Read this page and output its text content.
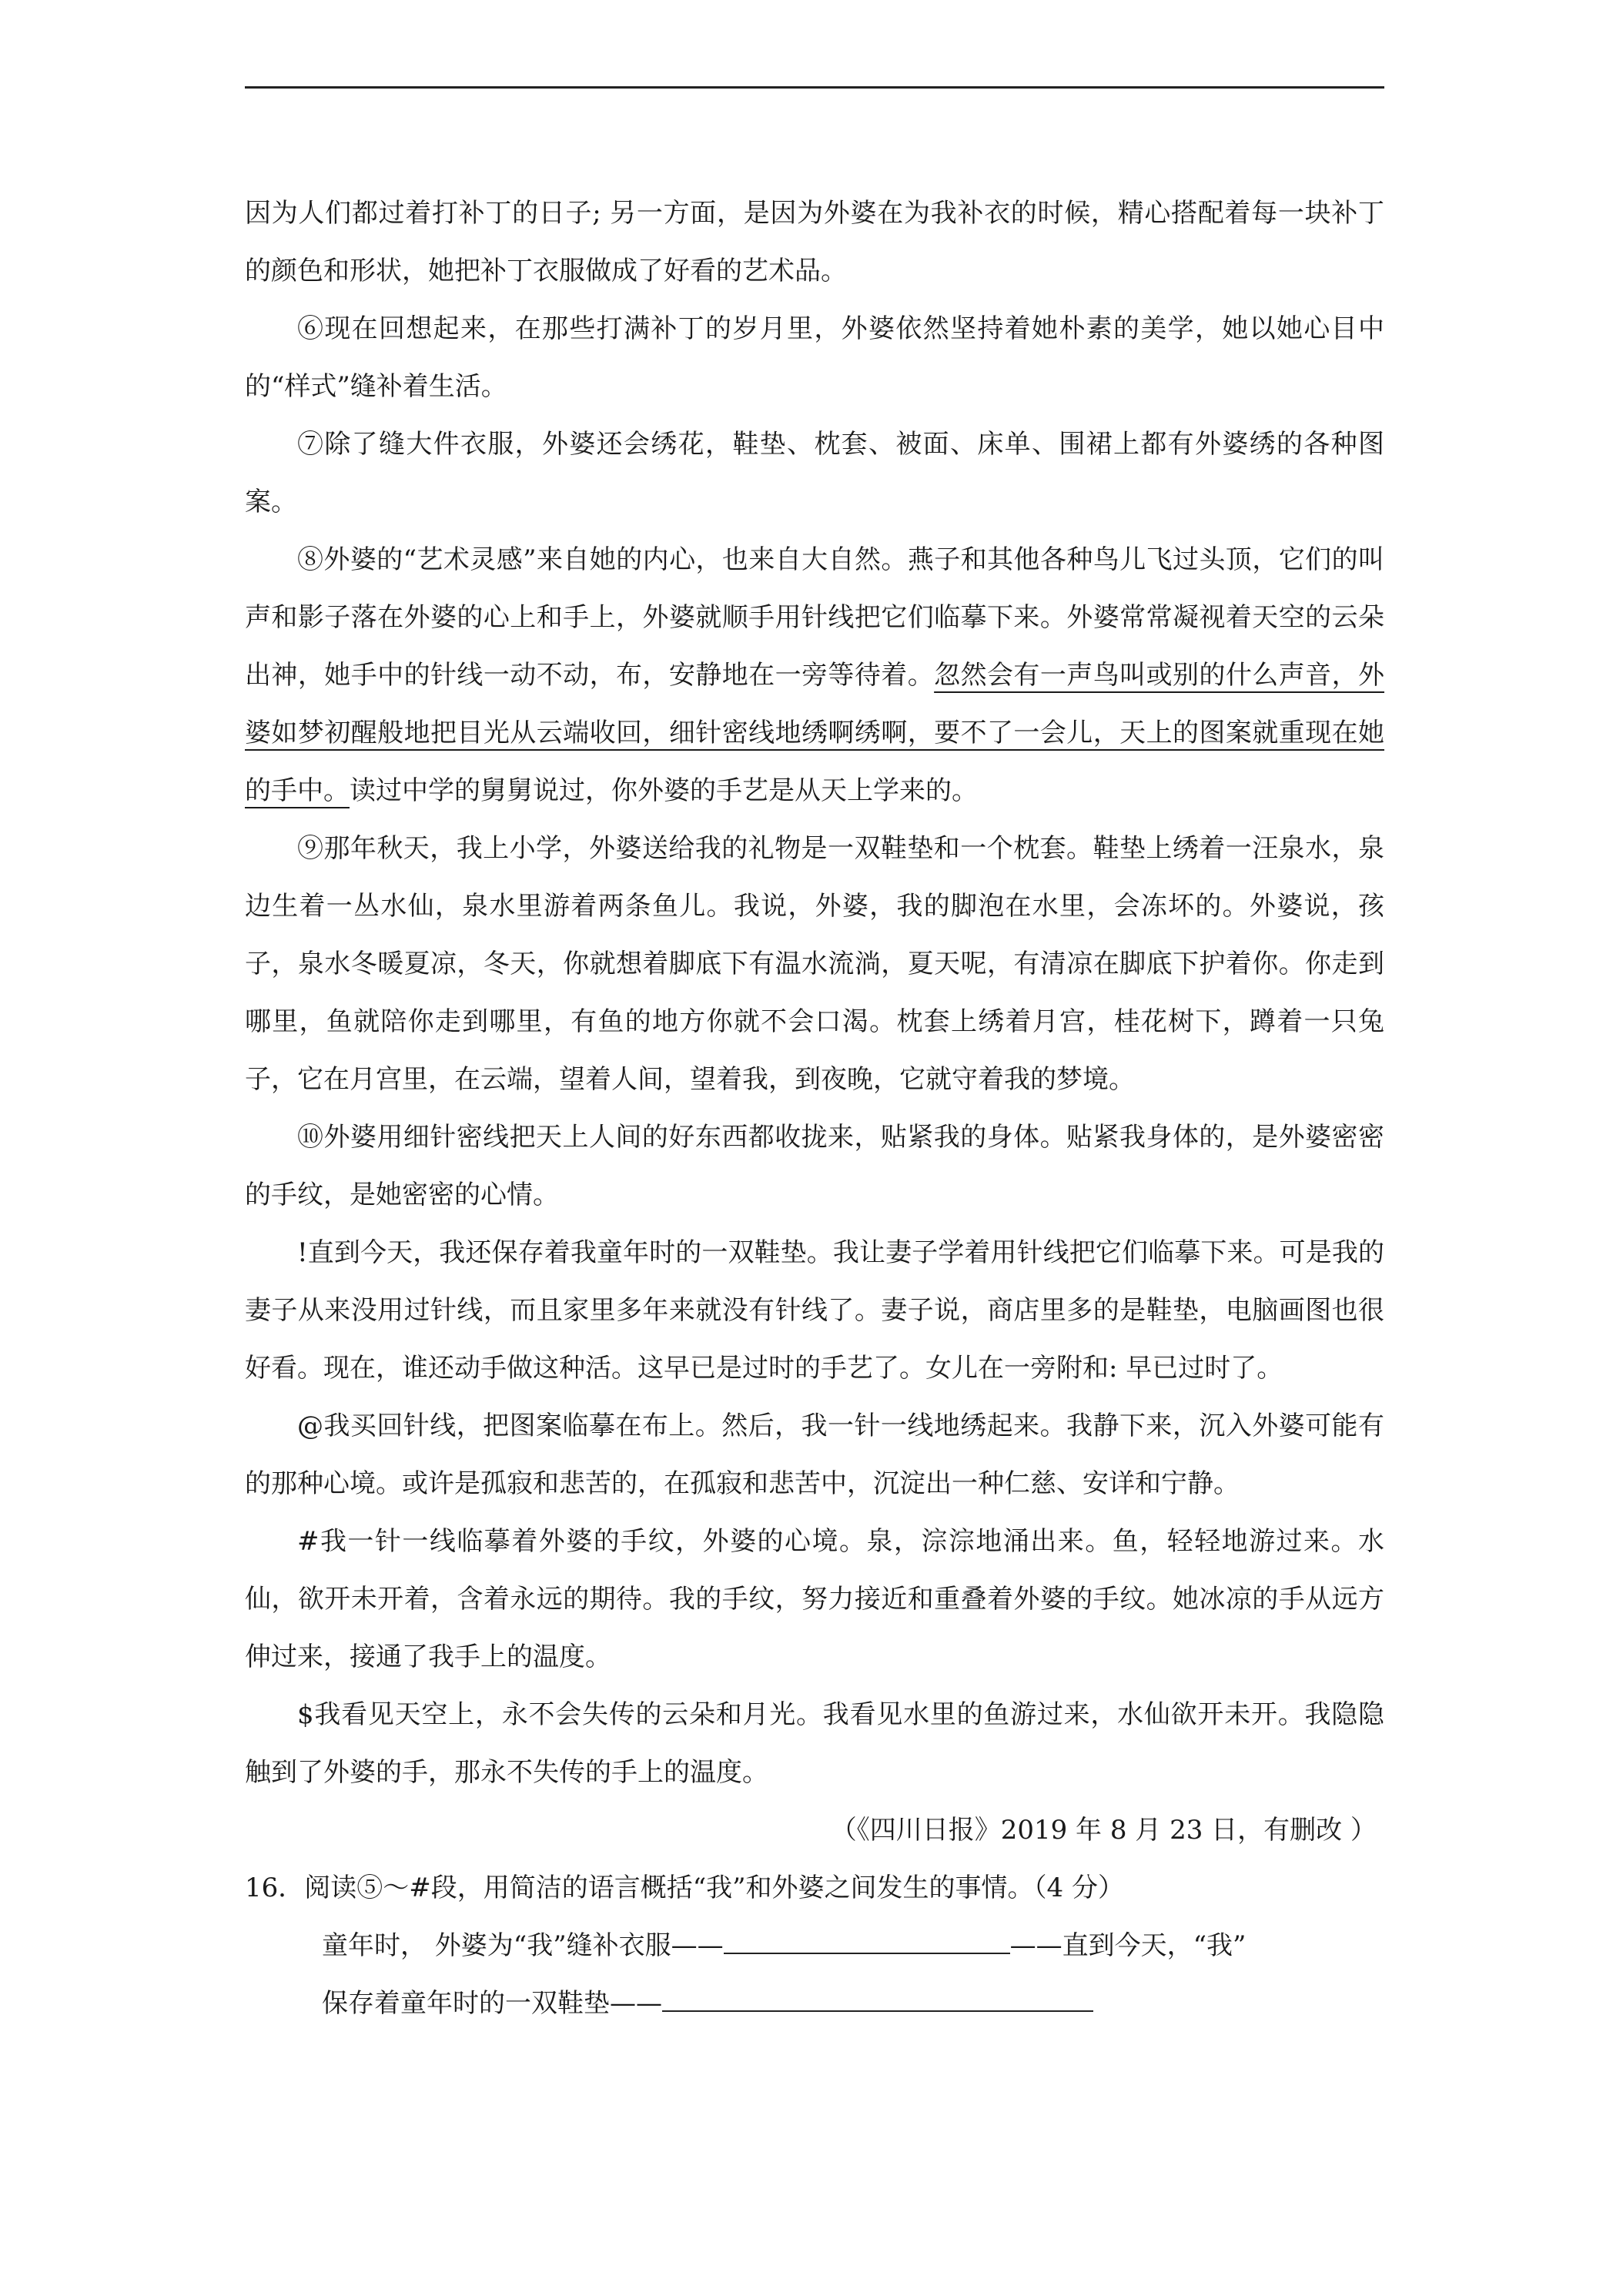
因为人们都过着打补丁的日子; 另一方面，是因为外婆在为我补衣的时候，精心搭配着每一块补丁的颜色和形状，她把补丁衣服做成了好看的艺术品。

⑥现在回想起来，在那些打满补丁的岁月里，外婆依然坚持着她朴素的美学，她以她心目中的“样式”缝补着生活。

⑦除了缝大件衣服，外婆还会绣花，鞋垫、枕套、被面、床单、围裙上都有外婆绣的各种图案。

⑧外婆的“艺术灵感”来自她的内心，也来自大自然。燕子和其他各种鸟儿飞过头顶，它们的叫声和影子落在外婆的心上和手上，外婆就顺手用针线把它们临摹下来。外婆常常凝视着天空的云朵出神，她手中的针线一动不动，布，安静地在一旁等待着。忽然会有一声鸟叫或别的什么声音，外婆如梦初醒般地把目光从云端收回，细针密线地绣啊绣啊，要不了一会儿，天上的图案就重现在她的手中。读过中学的舅舅说过，你外婆的手艺是从天上学来的。

⑨那年秋天，我上小学，外婆送给我的礼物是一双鞋垫和一个枕套。鞋垫上绣着一汪泉水，泉边生着一丛水仙，泉水里游着两条鱼儿。我说，外婆，我的脚泡在水里，会冻坏的。外婆说，孩子，泉水冬暖夏凉，冬天，你就想着脚底下有温水流淌，夏天呢，有清凉在脚底下护着你。你走到哪里，鱼就陪你走到哪里，有鱼的地方你就不会口渴。枕套上绣着月宫，桂花树下，蹲着一只兔子，它在月宫里，在云端，望着人间，望着我，到夜晚，它就守着我的梦境。

⑩外婆用细针密线把天上人间的好东西都收拢来，贴紧我的身体。贴紧我身体的，是外婆密密的手纹，是她密密的心情。

!直到今天，我还保存着我童年时的一双鞋垫。我让妻子学着用针线把它们临摹下来。可是我的妻子从来没用过针线，而且家里多年来就没有针线了。妻子说，商店里多的是鞋垫，电脑画图也很好看。现在，谁还动手做这种活。这早已是过时的手艺了。女儿在一旁附和: 早已过时了。

@我买回针线，把图案临摹在布上。然后，我一针一线地绣起来。我静下来，沉入外婆可能有的那种心境。或许是孤寂和悲苦的，在孤寂和悲苦中，沉淀出一种仁慈、安详和宁静。

#我一针一线临摹着外婆的手纹，外婆的心境。泉，淙淙地涌出来。鱼，轻轻地游过来。水仙，欲开未开着，含着永远的期待。我的手纹，努力接近和重叠着外婆的手纹。她冰凉的手从远方伸过来，接通了我手上的温度。

$我看见天空上，永不会失传的云朵和月光。我看见水里的鱼游过来，水仙欲开未开。我隐隐触到了外婆的手，那永不失传的手上的温度。

（《四川日报》2019 年 8 月 23 日，有删改 ）

16．阅读⑤～#段，用简洁的语言概括“我”和外婆之间发生的事情。（4 分）

童年时， 外婆为“我”缝补衣服——	——直到今天，“我”

保存着童年时的一双鞋垫——
